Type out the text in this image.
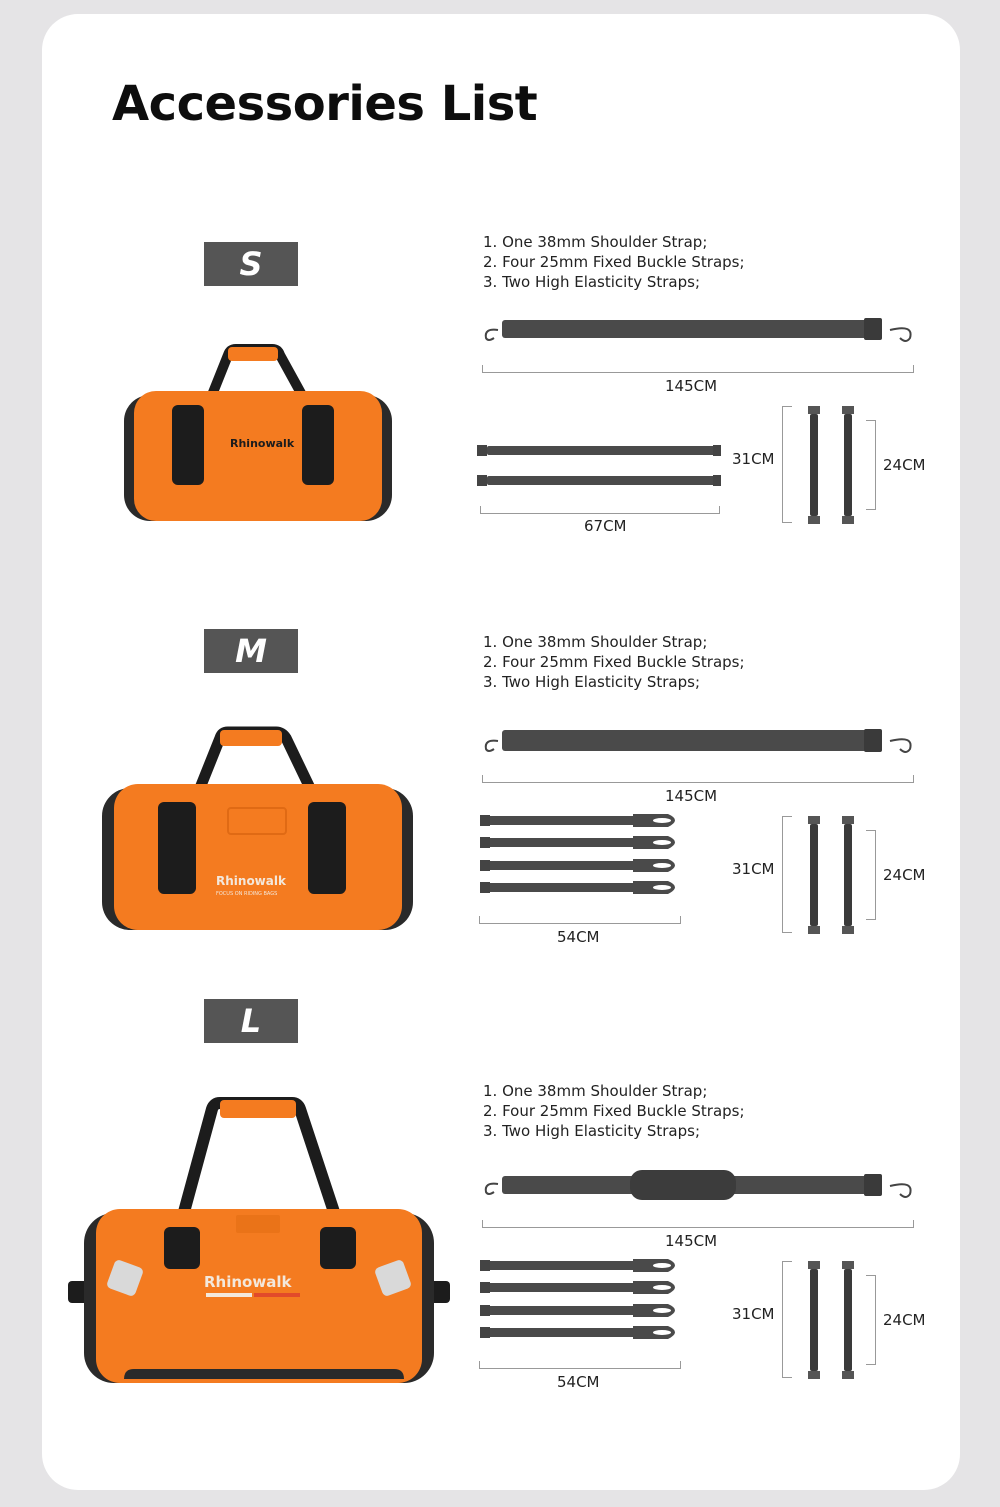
Accessories List
S
1. One 38mm Shoulder Strap;
2. Four 25mm Fixed Buckle Straps;
3. Two High Elasticity Straps;
Rhinowalk
145CM
67CM
31CM	24CM
M	1. One 38mm Shoulder Strap;
2. Four 25mm Fixed Buckle Straps;
3. Two High Elasticity Straps;
Rhinowalk
FOCUS ON RIDING BAGS
145CM
54CM
31CM	24CM
L
1. One 38mm Shoulder Strap;
2. Four 25mm Fixed Buckle Straps;
3. Two High Elasticity Straps;
Rhinowalk
145CM
54CM
31CM	24CM
